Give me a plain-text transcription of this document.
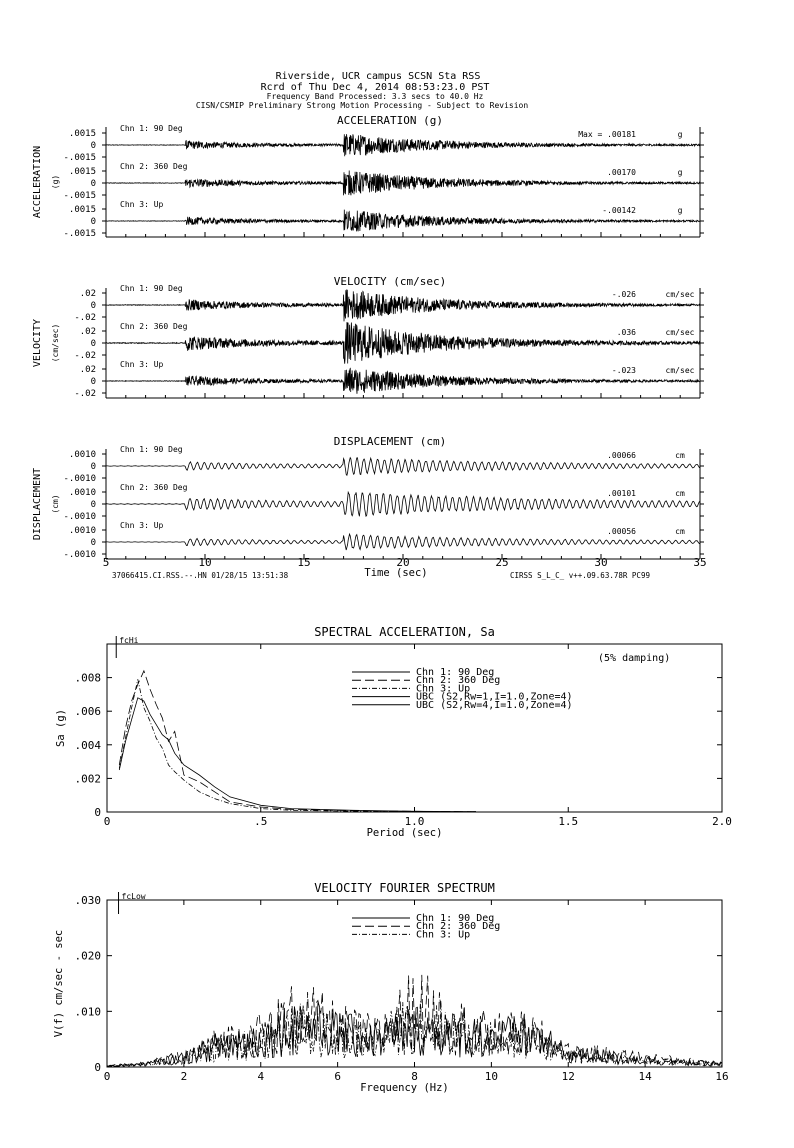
Riverside, UCR campus SCSN Sta RSS
Rcrd of Thu Dec 4, 2014 08:53:23.0 PST
Frequency Band Processed: 3.3 secs to 40.0 Hz
CISN/CSMIP Preliminary Strong Motion Processing - Subject to Revision
ACCELERATION (g)
ACCELERATION (g)
.0015
0
-.0015
Chn 1: 90 Deg
Max = .00181	g
.0015
0
-.0015
Chn 2: 360 Deg
.00170	g
.0015
0
-.0015
Chn 3: Up
-.00142	g
VELOCITY (cm/sec)
VELOCITY (cm/sec)
.02
0
-.02
Chn 1: 90 Deg
-.026	cm/sec
.02
0
-.02
Chn 2: 360 Deg
.036	cm/sec
.02
0
-.02
Chn 3: Up
-.023	cm/sec
DISPLACEMENT (cm)
DISPLACEMENT (cm)
.0010
0
-.0010
Chn 1: 90 Deg
.00066	cm
.0010
0
-.0010
Chn 2: 360 Deg
.00101	cm
.0010
0
-.0010
Chn 3: Up
.00056	cm
5	10	15	20	25	30	35
Time (sec)
37066415.CI.RSS.--.HN 01/28/15 13:51:38	CIRSS S_L_C_ v++.09.63.78R PC99
SPECTRAL ACCELERATION, Sa
0	.5	1.0	1.5	2.0
0
.002
.004
.006
.008
Period (sec)
Sa (g)
fcHi
(5% damping)
Chn 1: 90 Deg
Chn 2: 360 Deg
Chn 3: Up
UBC (S2,Rw=1,I=1.0,Zone=4)
UBC (S2,Rw=4,I=1.0,Zone=4)
VELOCITY FOURIER SPECTRUM
0	2	4	6	8	10	12	14	16
0
.010
.020
.030
Frequency (Hz)
V(f) cm/sec - sec
fcLow
Chn 1: 90 Deg
Chn 2: 360 Deg
Chn 3: Up
